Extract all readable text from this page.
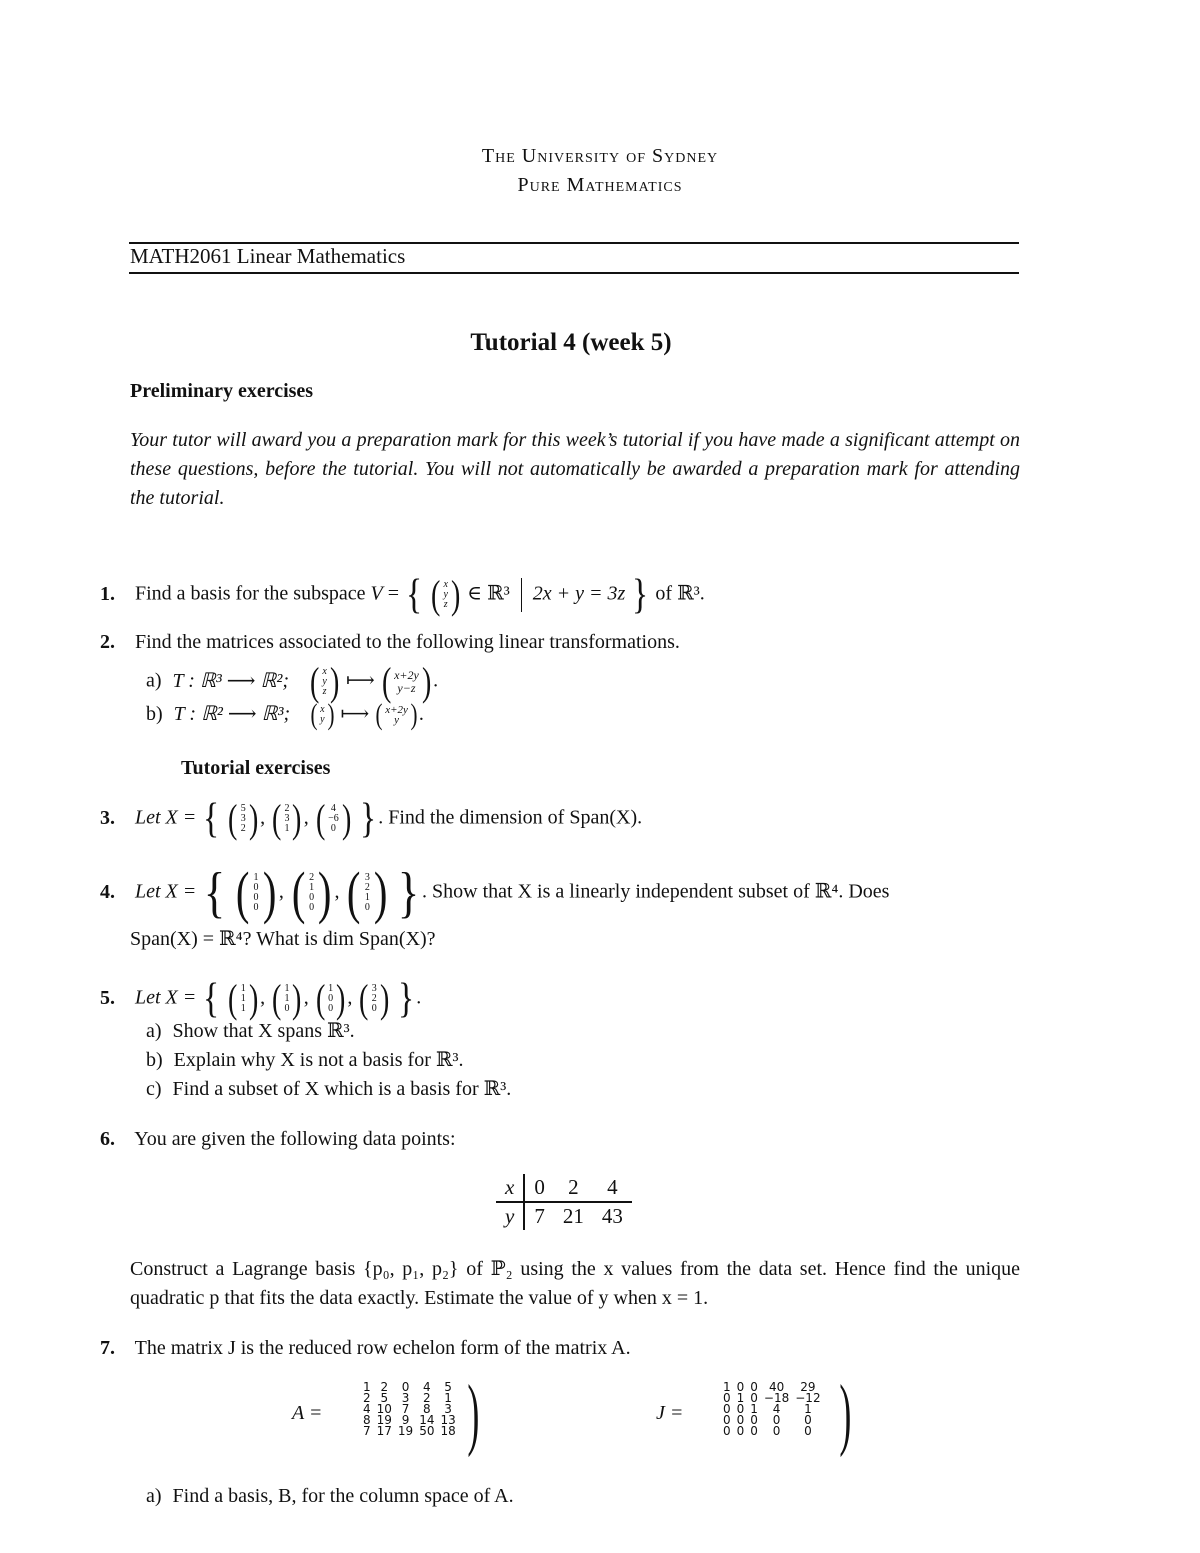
The University of Sydney
Pure Mathematics
MATH2061 Linear Mathematics
Tutorial 4 (week 5)
Preliminary exercises
Your tutor will award you a preparation mark for this week’s tutorial if you have made a significant attempt on these questions, before the tutorial. You will not automatically be awarded a preparation mark for attending the tutorial.
1. Find a basis for the subspace V = { ( x
y
z ) ∈ ℝ³ 2x + y = 3z } of ℝ³.
2. Find the matrices associated to the following linear transformations.
a) T : ℝ³ ⟶ ℝ²; ( x
y
z ) ⟼ ( x+2y
y−z ) .
b) T : ℝ² ⟶ ℝ³; ( x
y ) ⟼ ( x+2y
y ) .
Tutorial exercises
3. Let X = { ( 5
3
2 ) , ( 2
3
1 ) , ( 4
−6
0 ) } . Find the dimension of Span(X).
4. Let X = { ( 1
0
0
0 ) , ( 2
1
0
0 ) , ( 3
2
1
0 ) } . Show that X is a linearly independent subset of ℝ⁴. Does
Span(X) = ℝ⁴? What is dim Span(X)?
5. Let X = { ( 1
1
1 ) , ( 1
1
0 ) , ( 1
0
0 ) , ( 3
2
0 ) } .
a) Show that X spans ℝ³.
b) Explain why X is not a basis for ℝ³.
c) Find a subset of X which is a basis for ℝ³.
6. You are given the following data points:
x	0	2	4
y	7	21	43
Construct a Lagrange basis {p₀, p₁, p₂} of ℙ₂ using the x values from the data set. Hence find the unique quadratic p that fits the data exactly. Estimate the value of y when x = 1.
7. The matrix J is the reduced row echelon form of the matrix A.
A =
1	2	0	4	5
2	5	3	2	1
4	10	7	8	3
8	19	9	14	13
7	17	19	50	18 )	J =
1	0	0	40	29
0	1	0	−18	−12
0	0	1	4	1
0	0	0	0	0
0	0	0	0	0 )
a) Find a basis, B, for the column space of A.
